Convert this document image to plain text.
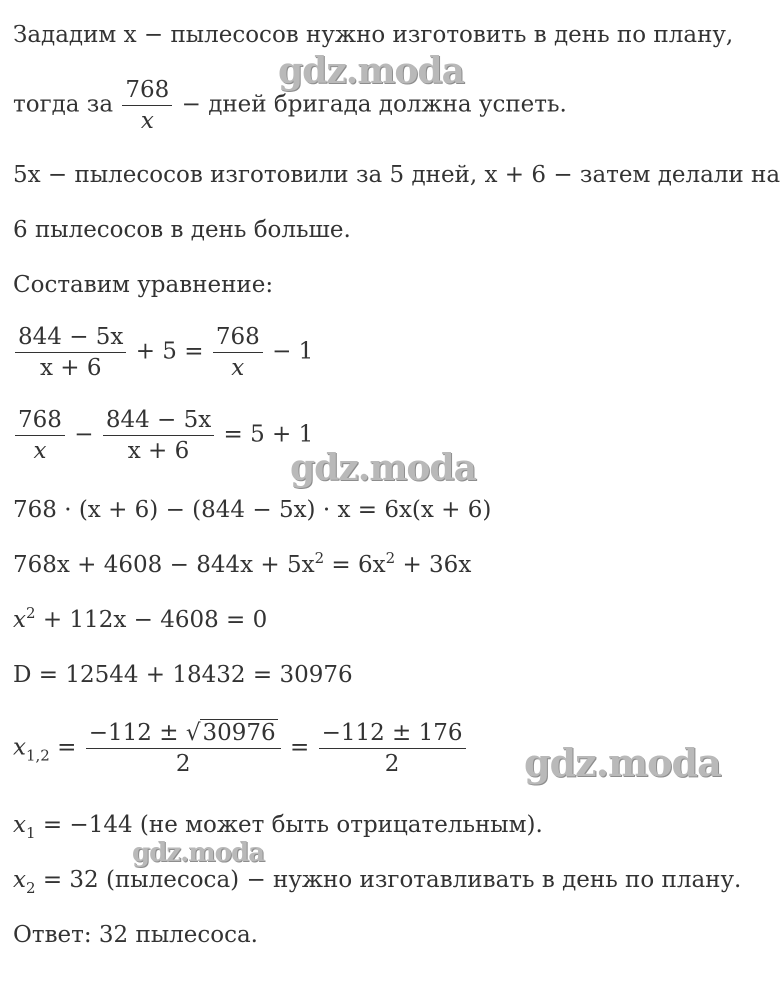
Зададим x − пылесосов нужно изготовить в день по плану,
тогда за $\frac{768}{x}$ − дней бригада должна успеть.
5x − пылесосов изготовили за 5 дней, x + 6 − затем делали на
6 пылесосов в день больше.
Составим уравнение:
$\frac{844 - 5x}{x + 6} + 5 = \frac{768}{x} - 1$
$\frac{768}{x} - \frac{844 - 5x}{x + 6} = 5 + 1$
768 · (x + 6) − (844 − 5x) · x = 6x(x + 6)
$768x + 4608 - 844x + 5x^2 = 6x^2 + 36x$
$x^2 + 112x - 4608 = 0$
D = 12544 + 18432 = 30976
$x_{1,2} = \frac{-112 \pm √30976}{2} = \frac{-112 \pm 176}{2}$
$x_1 = -144$ (не может быть отрицательным).
$x_2 = 32$ (пылесоса) − нужно изготавливать в день по плану.
Ответ: 32 пылесоса.
gdz.moda
gdz.moda
gdz.moda
gdz.moda
